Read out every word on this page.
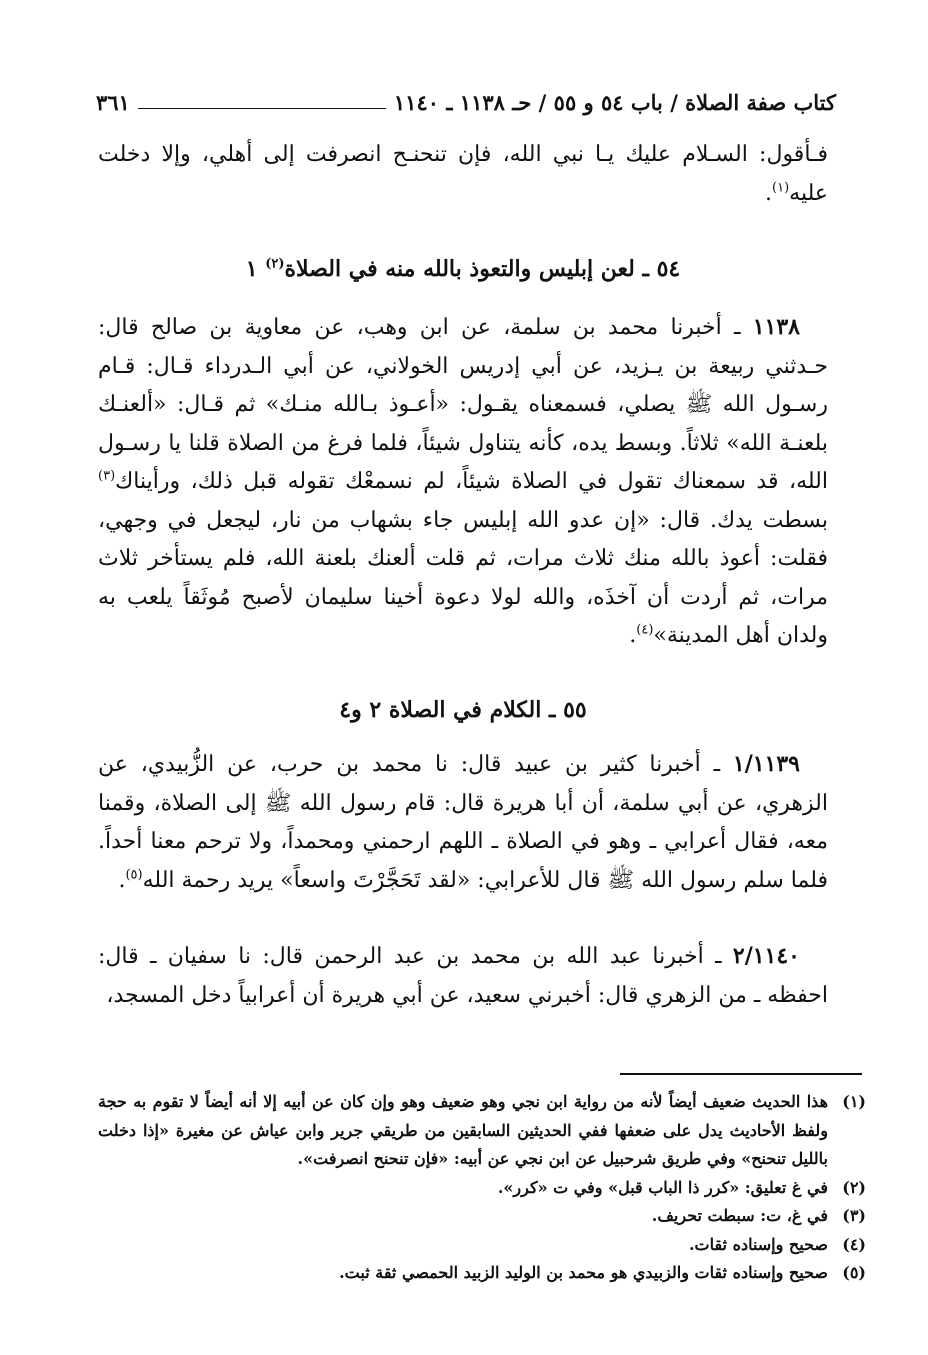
كتاب صفة الصلاة / باب ٥٤ و ٥٥ / حـ ١١٣٨ ـ ١١٤٠
٣٦١

فـأقول: السـلام عليك يـا نبي الله، فإن تنحنـح انصرفت إلى أهلي، وإلا دخلت عليه$^{(١)}$.

٥٤ ـ لعن إبليس والتعوذ بالله منه في الصلاة$^{(٢)}$ ١

١١٣٨ ـ أخبرنا محمد بن سلمة، عن ابن وهب، عن معاوية بن صالح قال: حـدثني ربيعة بن يـزيد، عن أبي إدريس الخولاني، عن أبي الـدرداء قـال: قـام رسـول الله ﷺ يصلي، فسمعناه يقـول: «أعـوذ بـالله منـك» ثم قـال: «ألعنـك بلعنـة الله» ثلاثاً. وبسط يده، كأنه يتناول شيئاً، فلما فرغ من الصلاة قلنا يا رسـول الله، قد سمعناك تقول في الصلاة شيئاً، لم نسمعْك تقوله قبل ذلك، ورأيناك$^{(٣)}$ بسطت يدك. قال: «إن عدو الله إبليس جاء بشهاب من نار، ليجعل في وجهي، فقلت: أعوذ بالله منك ثلاث مرات، ثم قلت ألعنك بلعنة الله، فلم يستأخر ثلاث مرات، ثم أردت أن آخذَه، والله لولا دعوة أخينا سليمان لأصبح مُوثَقاً يلعب به ولدان أهل المدينة»$^{(٤)}$.

٥٥ ـ الكلام في الصلاة ٢ و٤

١/١١٣٩ ـ أخبرنا كثير بن عبيد قال: نا محمد بن حرب، عن الزُّبيدي، عن الزهري، عن أبي سلمة، أن أبا هريرة قال: قام رسول الله ﷺ إلى الصلاة، وقمنا معه، فقال أعرابي ـ وهو في الصلاة ـ اللهم ارحمني ومحمداً، ولا ترحم معنا أحداً. فلما سلم رسول الله ﷺ قال للأعرابي: «لقد تَحَجَّرْتَ واسعاً» يريد رحمة الله$^{(٥)}$.

٢/١١٤٠ ـ أخبرنا عبد الله بن محمد بن عبد الرحمن قال: نا سفيان ـ قال: احفظه ـ من الزهري قال: أخبرني سعيد، عن أبي هريرة أن أعرابياً دخل المسجد،

(١)
هذا الحديث ضعيف أيضاً لأنه من رواية ابن نجي وهو ضعيف وهو وإن كان عن أبيه إلا أنه أيضاً لا تقوم به حجة ولفظ الأحاديث يدل على ضعفها ففي الحديثين السابقين من طريقي جرير وابن عياش عن مغيرة «إذا دخلت بالليل تنحنح» وفي طريق شرحبيل عن ابن نجي عن أبيه: «فإن تنحنح انصرفت».
(٢)
في غ تعليق: «كرر ذا الباب قبل» وفي ت «كرر».
(٣)
في غ، ت: سبطت تحريف.
(٤)
صحيح وإسناده ثقات.
(٥)
صحيح وإسناده ثقات والزبيدي هو محمد بن الوليد الزبيد الحمصي ثقة ثبت.
